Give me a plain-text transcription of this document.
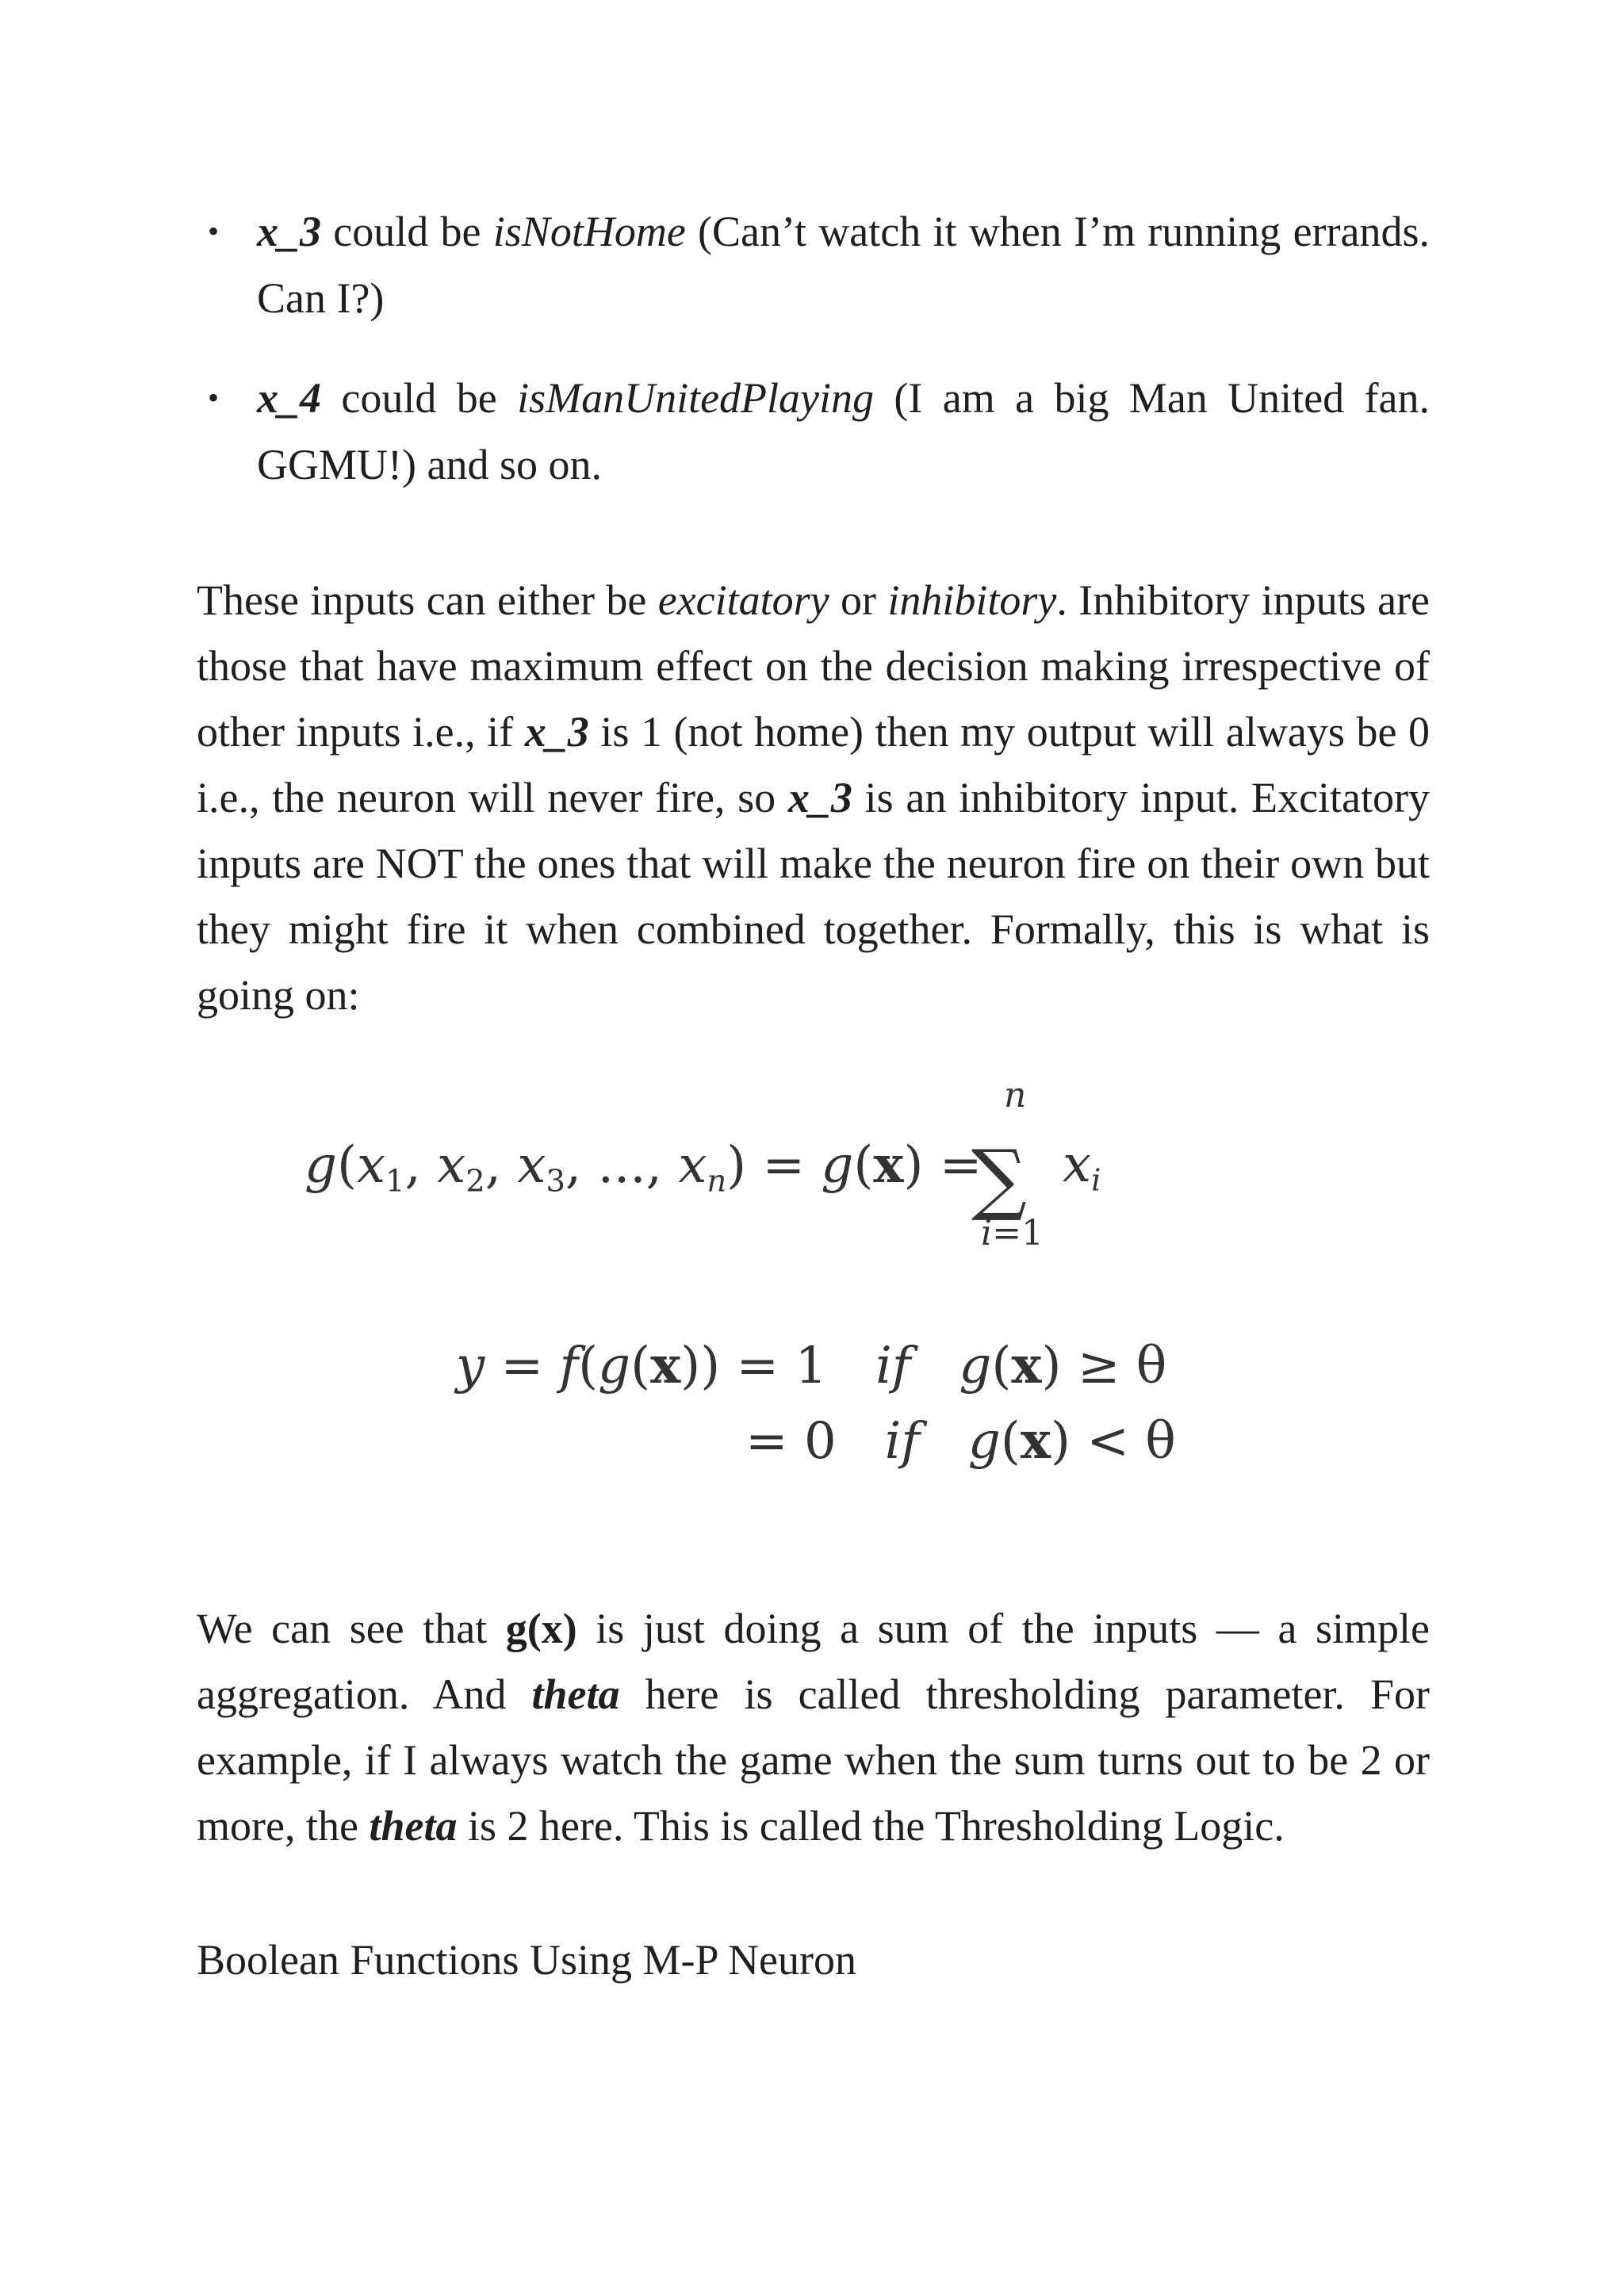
• x_3 could be isNotHome (Can’t watch it when I’m running errands. Can I?)
• x_4 could be isManUnitedPlaying (I am a big Man United fan. GGMU!) and so on.

These inputs can either be excitatory or inhibitory. Inhibitory inputs are those that have maximum effect on the decision making irrespective of other inputs i.e., if x_3 is 1 (not home) then my output will always be 0 i.e., the neuron will never fire, so x_3 is an inhibitory input. Excitatory inputs are NOT the ones that will make the neuron fire on their own but they might fire it when combined together. Formally, this is what is going on:

$g(x_1$, $x_2$, $x_3$, ..., $x_n) = g(x)$ =
n
∑
i=1
$x_i$
y = f(g(x)) = 1 if g(x) ≥ θ
= 0 if g(x) < θ

We can see that g(x) is just doing a sum of the inputs — a simple aggregation. And theta here is called thresholding parameter. For example, if I always watch the game when the sum turns out to be 2 or more, the theta is 2 here. This is called the Thresholding Logic.

Boolean Functions Using M-P Neuron
